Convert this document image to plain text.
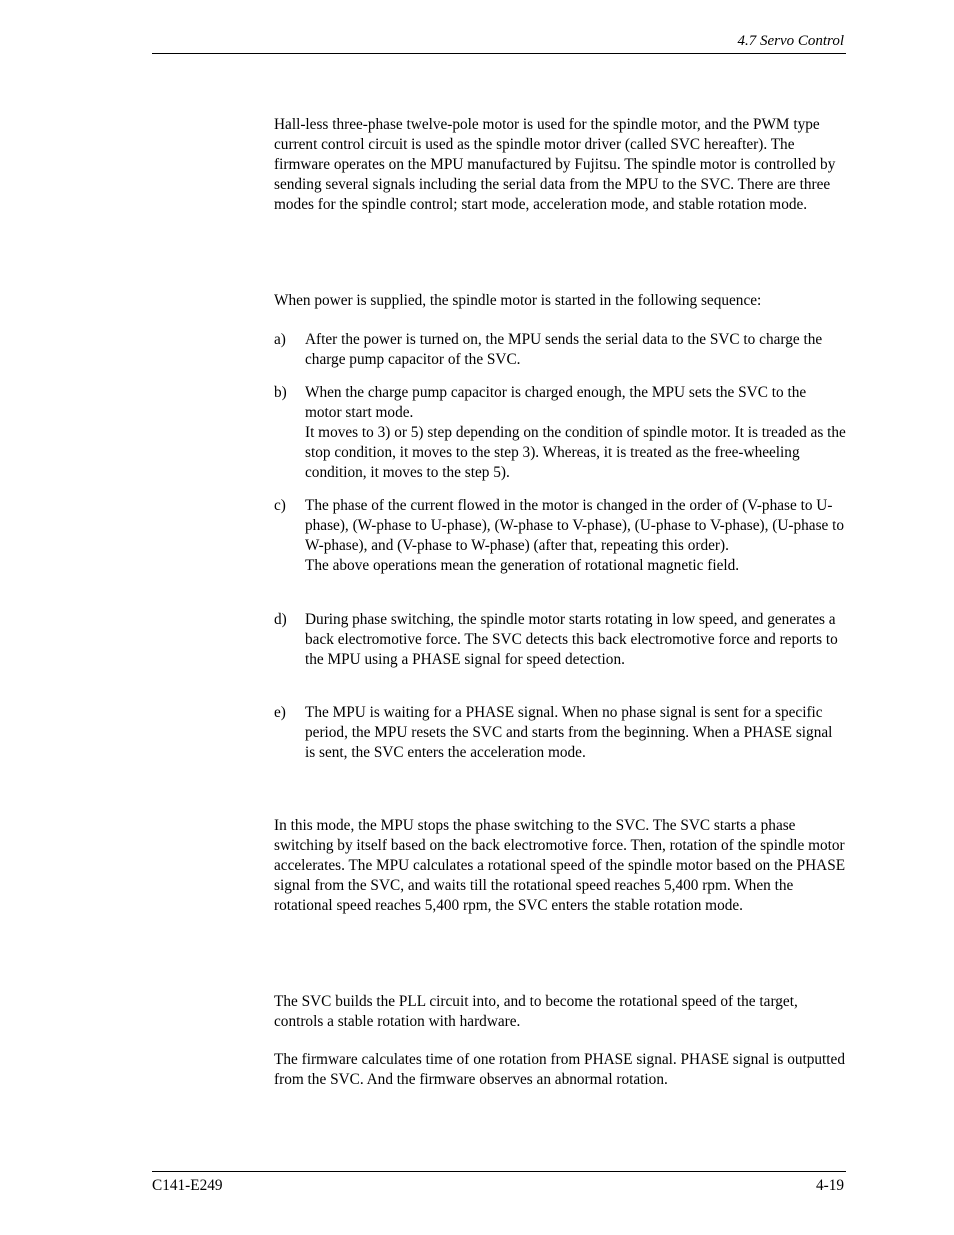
4.7 Servo Control

Hall-less three-phase twelve-pole motor is used for the spindle motor, and the PWM type current control circuit is used as the spindle motor driver (called SVC hereafter). The firmware operates on the MPU manufactured by Fujitsu. The spindle motor is controlled by sending several signals including the serial data from the MPU to the SVC. There are three modes for the spindle control; start mode, acceleration mode, and stable rotation mode.

When power is supplied, the spindle motor is started in the following sequence:

a) After the power is turned on, the MPU sends the serial data to the SVC to charge the charge pump capacitor of the SVC.
b) When the charge pump capacitor is charged enough, the MPU sets the SVC to the motor start mode.
It moves to 3) or 5) step depending on the condition of spindle motor. It is treaded as the stop condition, it moves to the step 3). Whereas, it is treated as the free-wheeling condition, it moves to the step 5).
c) The phase of the current flowed in the motor is changed in the order of (V-phase to U-phase), (W-phase to U-phase), (W-phase to V-phase), (U-phase to V-phase), (U-phase to W-phase), and (V-phase to W-phase) (after that, repeating this order).
The above operations mean the generation of rotational magnetic field.
d) During phase switching, the spindle motor starts rotating in low speed, and generates a back electromotive force. The SVC detects this back electromotive force and reports to the MPU using a PHASE signal for speed detection.
e) The MPU is waiting for a PHASE signal. When no phase signal is sent for a specific period, the MPU resets the SVC and starts from the beginning. When a PHASE signal is sent, the SVC enters the acceleration mode.

In this mode, the MPU stops the phase switching to the SVC. The SVC starts a phase switching by itself based on the back electromotive force. Then, rotation of the spindle motor accelerates. The MPU calculates a rotational speed of the spindle motor based on the PHASE signal from the SVC, and waits till the rotational speed reaches 5,400 rpm. When the rotational speed reaches 5,400 rpm, the SVC enters the stable rotation mode.

The SVC builds the PLL circuit into, and to become the rotational speed of the target, controls a stable rotation with hardware.

The firmware calculates time of one rotation from PHASE signal. PHASE signal is outputted from the SVC. And the firmware observes an abnormal rotation.

C141-E249	4-19
